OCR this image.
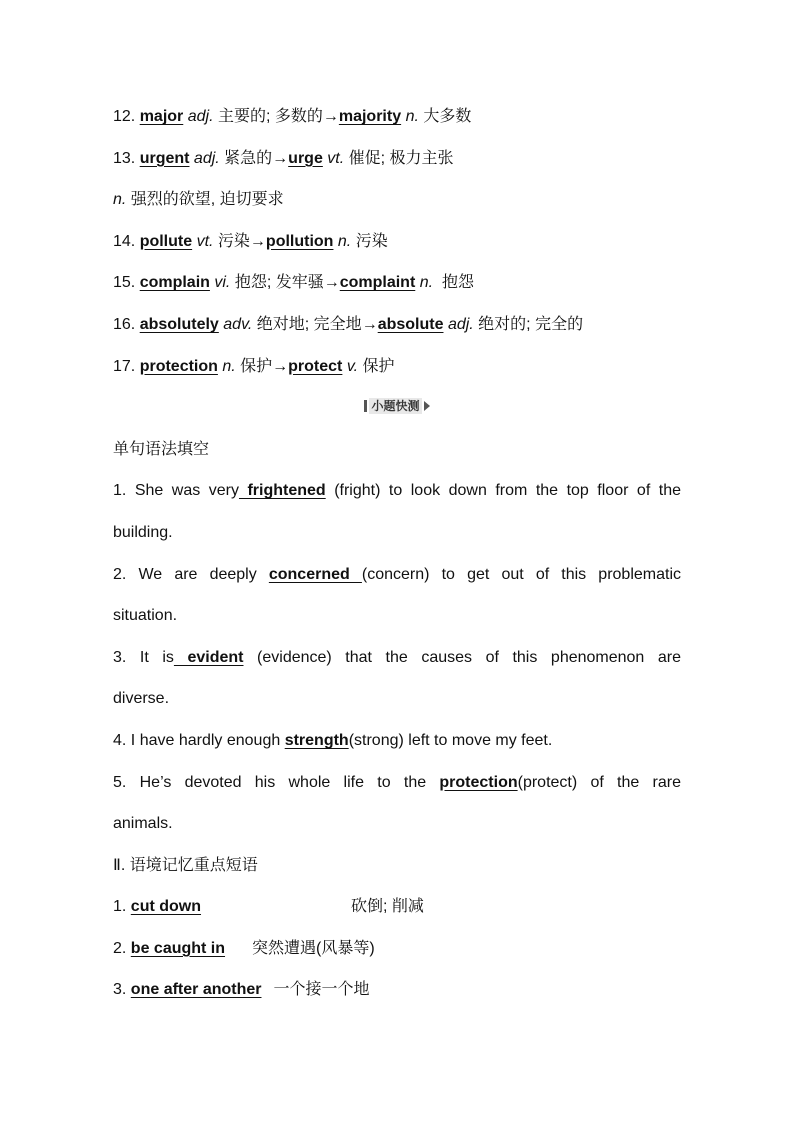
12. major adj. 主要的; 多数的→majority n. 大多数
13. urgent adj. 紧急的→urge vt. 催促; 极力主张
n. 强烈的欲望, 迫切要求
14. pollute vt. 污染→pollution n. 污染
15. complain vi. 抱怨; 发牢骚→complaint n.  抱怨
16. absolutely adv. 绝对地; 完全地→absolute adj. 绝对的; 完全的
17. protection n. 保护→protect v. 保护
小题快测
单句语法填空
1. She was very frightened (fright) to look down from the top floor of the
building.
2. We are deeply concerned (concern) to get out of this problematic
situation.
3. It is evident (evidence) that the causes of this phenomenon are
diverse.
4. I have hardly enough strength(strong) left to move my feet.
5. He’s devoted his whole life to the protection(protect) of the rare
animals.
Ⅱ. 语境记忆重点短语
1. cut down	砍倒; 削减
2. be caught in 突然遭遇(风暴等)
3. one after another 一个接一个地
